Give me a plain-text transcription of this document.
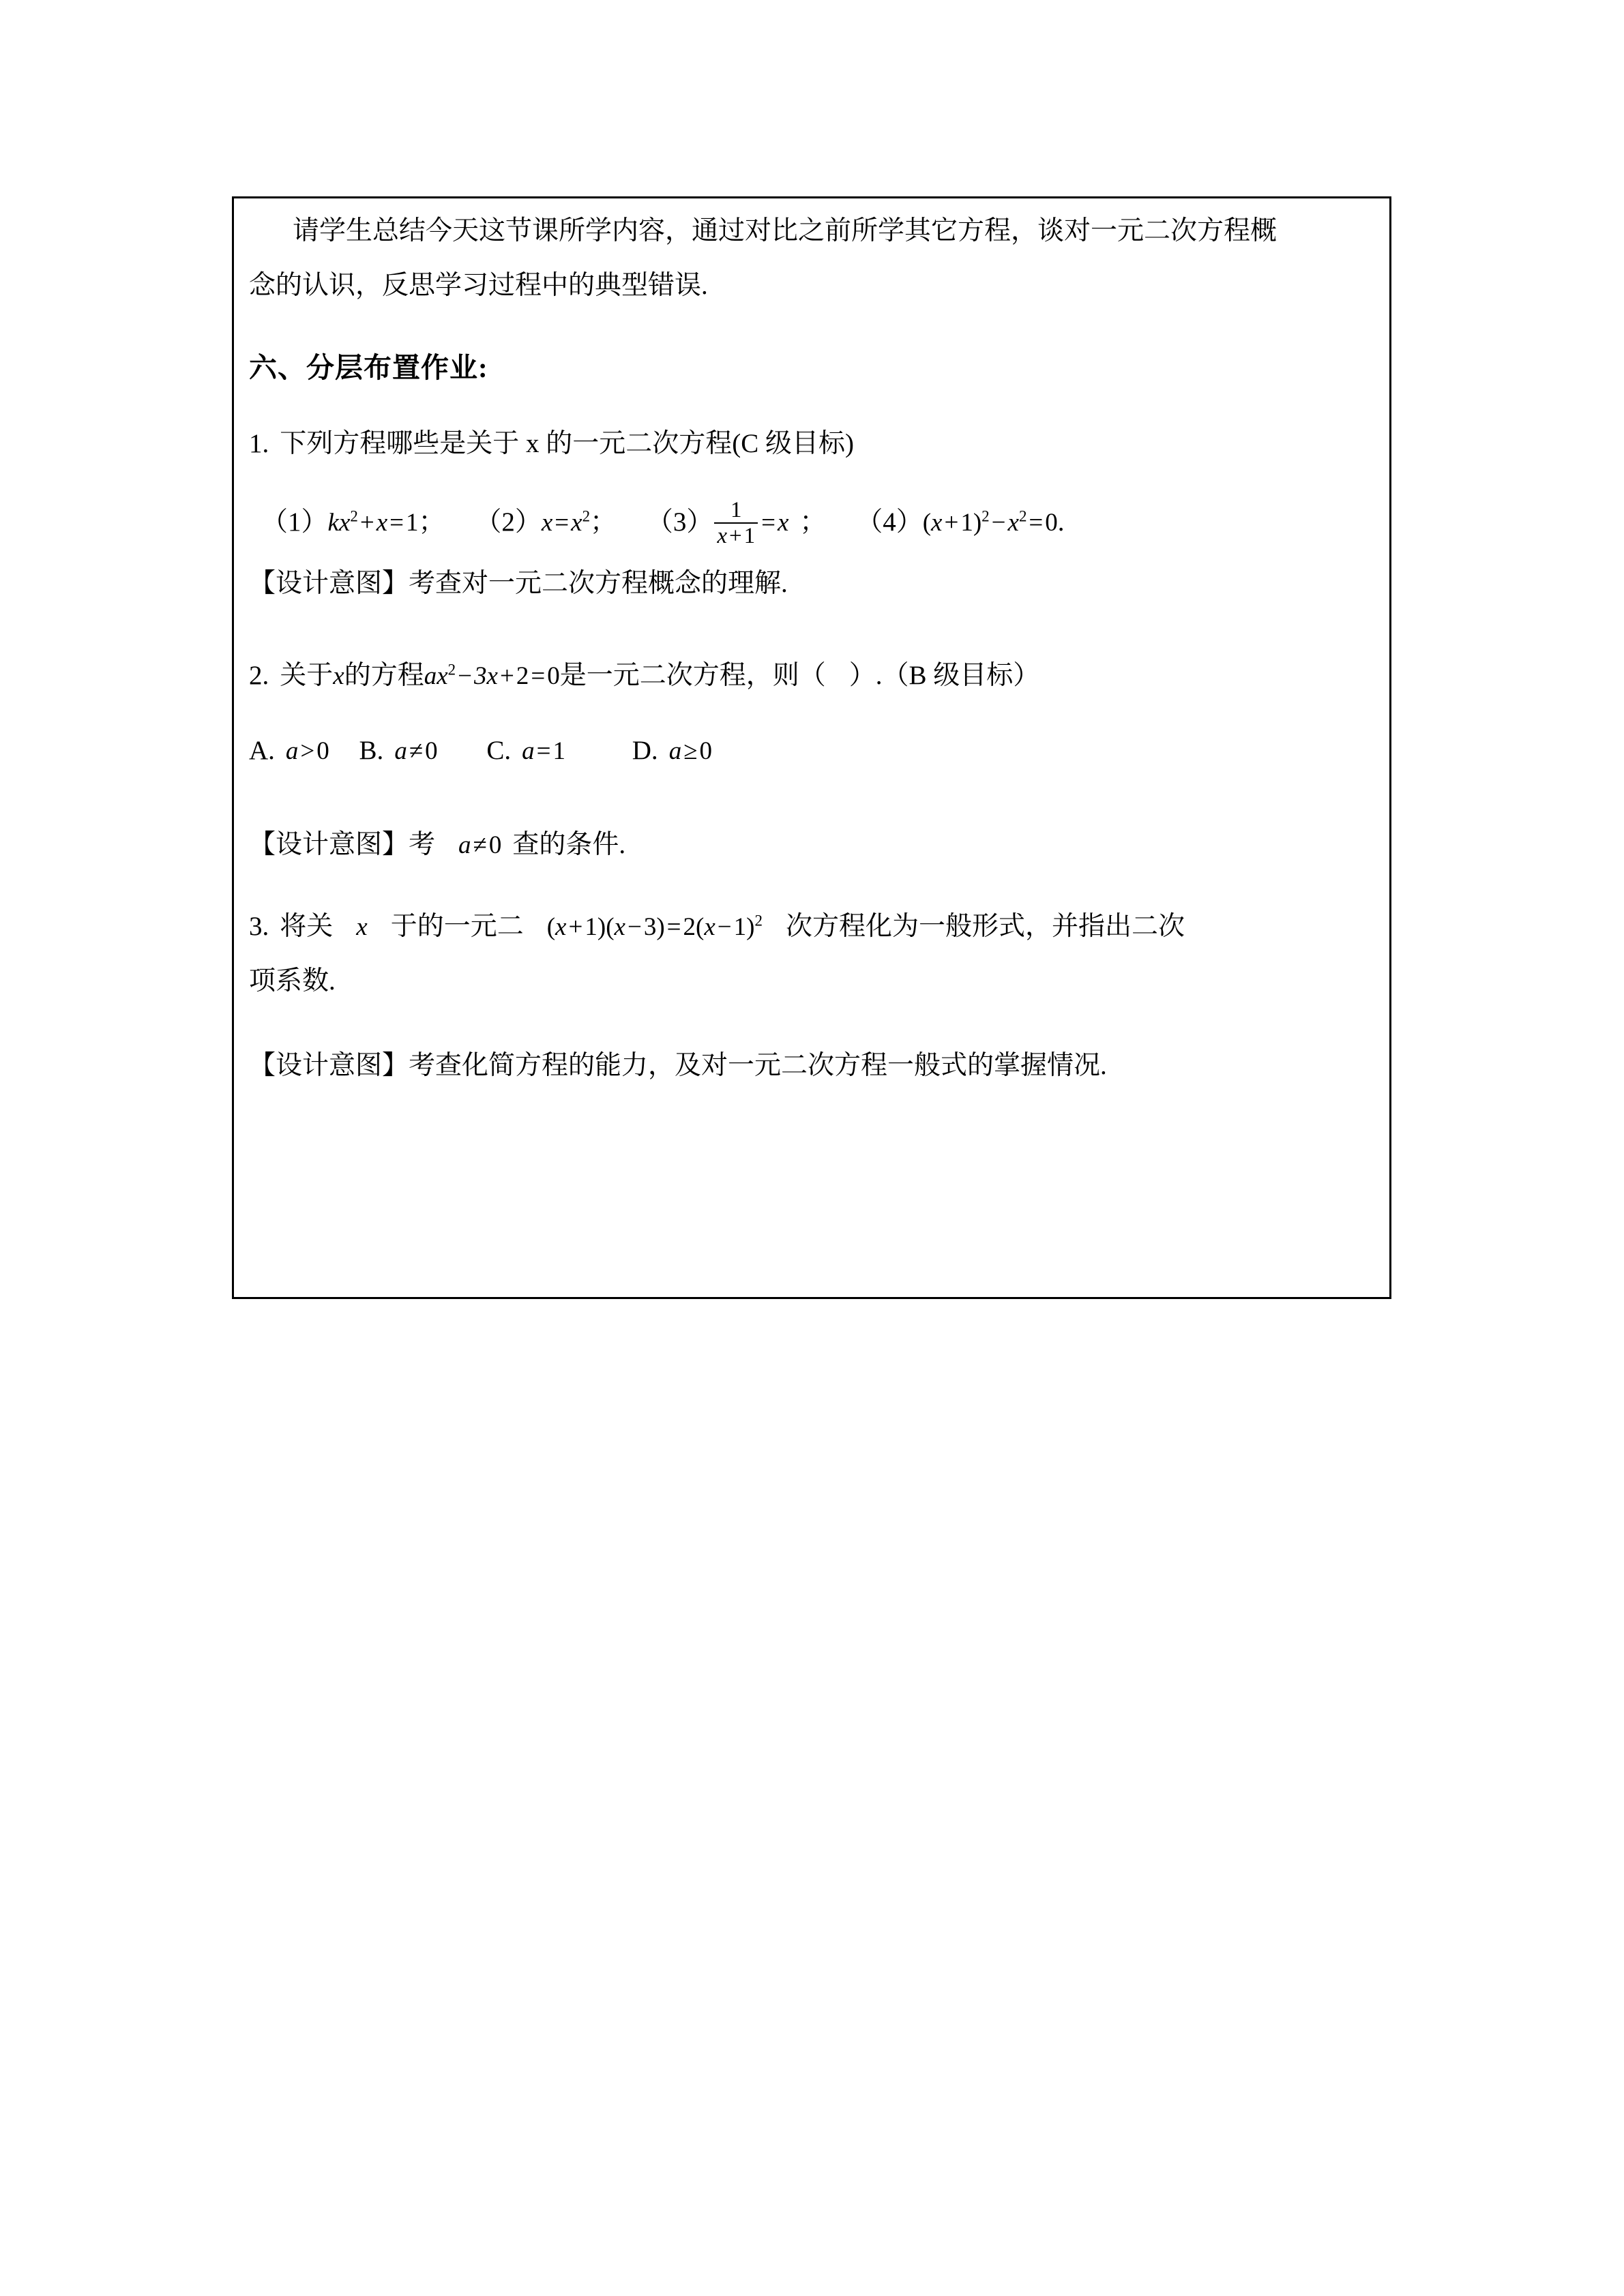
请学生总结今天这节课所学内容，通过对比之前所学其它方程，谈对一元二次方程概
念的认识，反思学习过程中的典型错误.
六、分层布置作业:
1. 下列方程哪些是关于 x 的一元二次方程(C 级目标)
$(1)kx^2+x=1$； $(2)x=x^2$； $(3) \frac{1}{x+1} =x$ ； $(4)(x+1)^2-x^2=0$.
【设计意图】考查对一元二次方程概念的理解.
2. 关于x的方程$ax^2-3x+2=0$是一元二次方程，则（ ）.（B 级目标）
A. a>0 B. a≠0 C. a=1	D. a≥0
【设计意图】考 a≠0 查的条件.
3. 将关 x 于的一元二 $(x+1)(x-3)=2(x-1)^2$ 次方程化为一般形式，并指出二次
项系数.
【设计意图】考查化简方程的能力，及对一元二次方程一般式的掌握情况.
